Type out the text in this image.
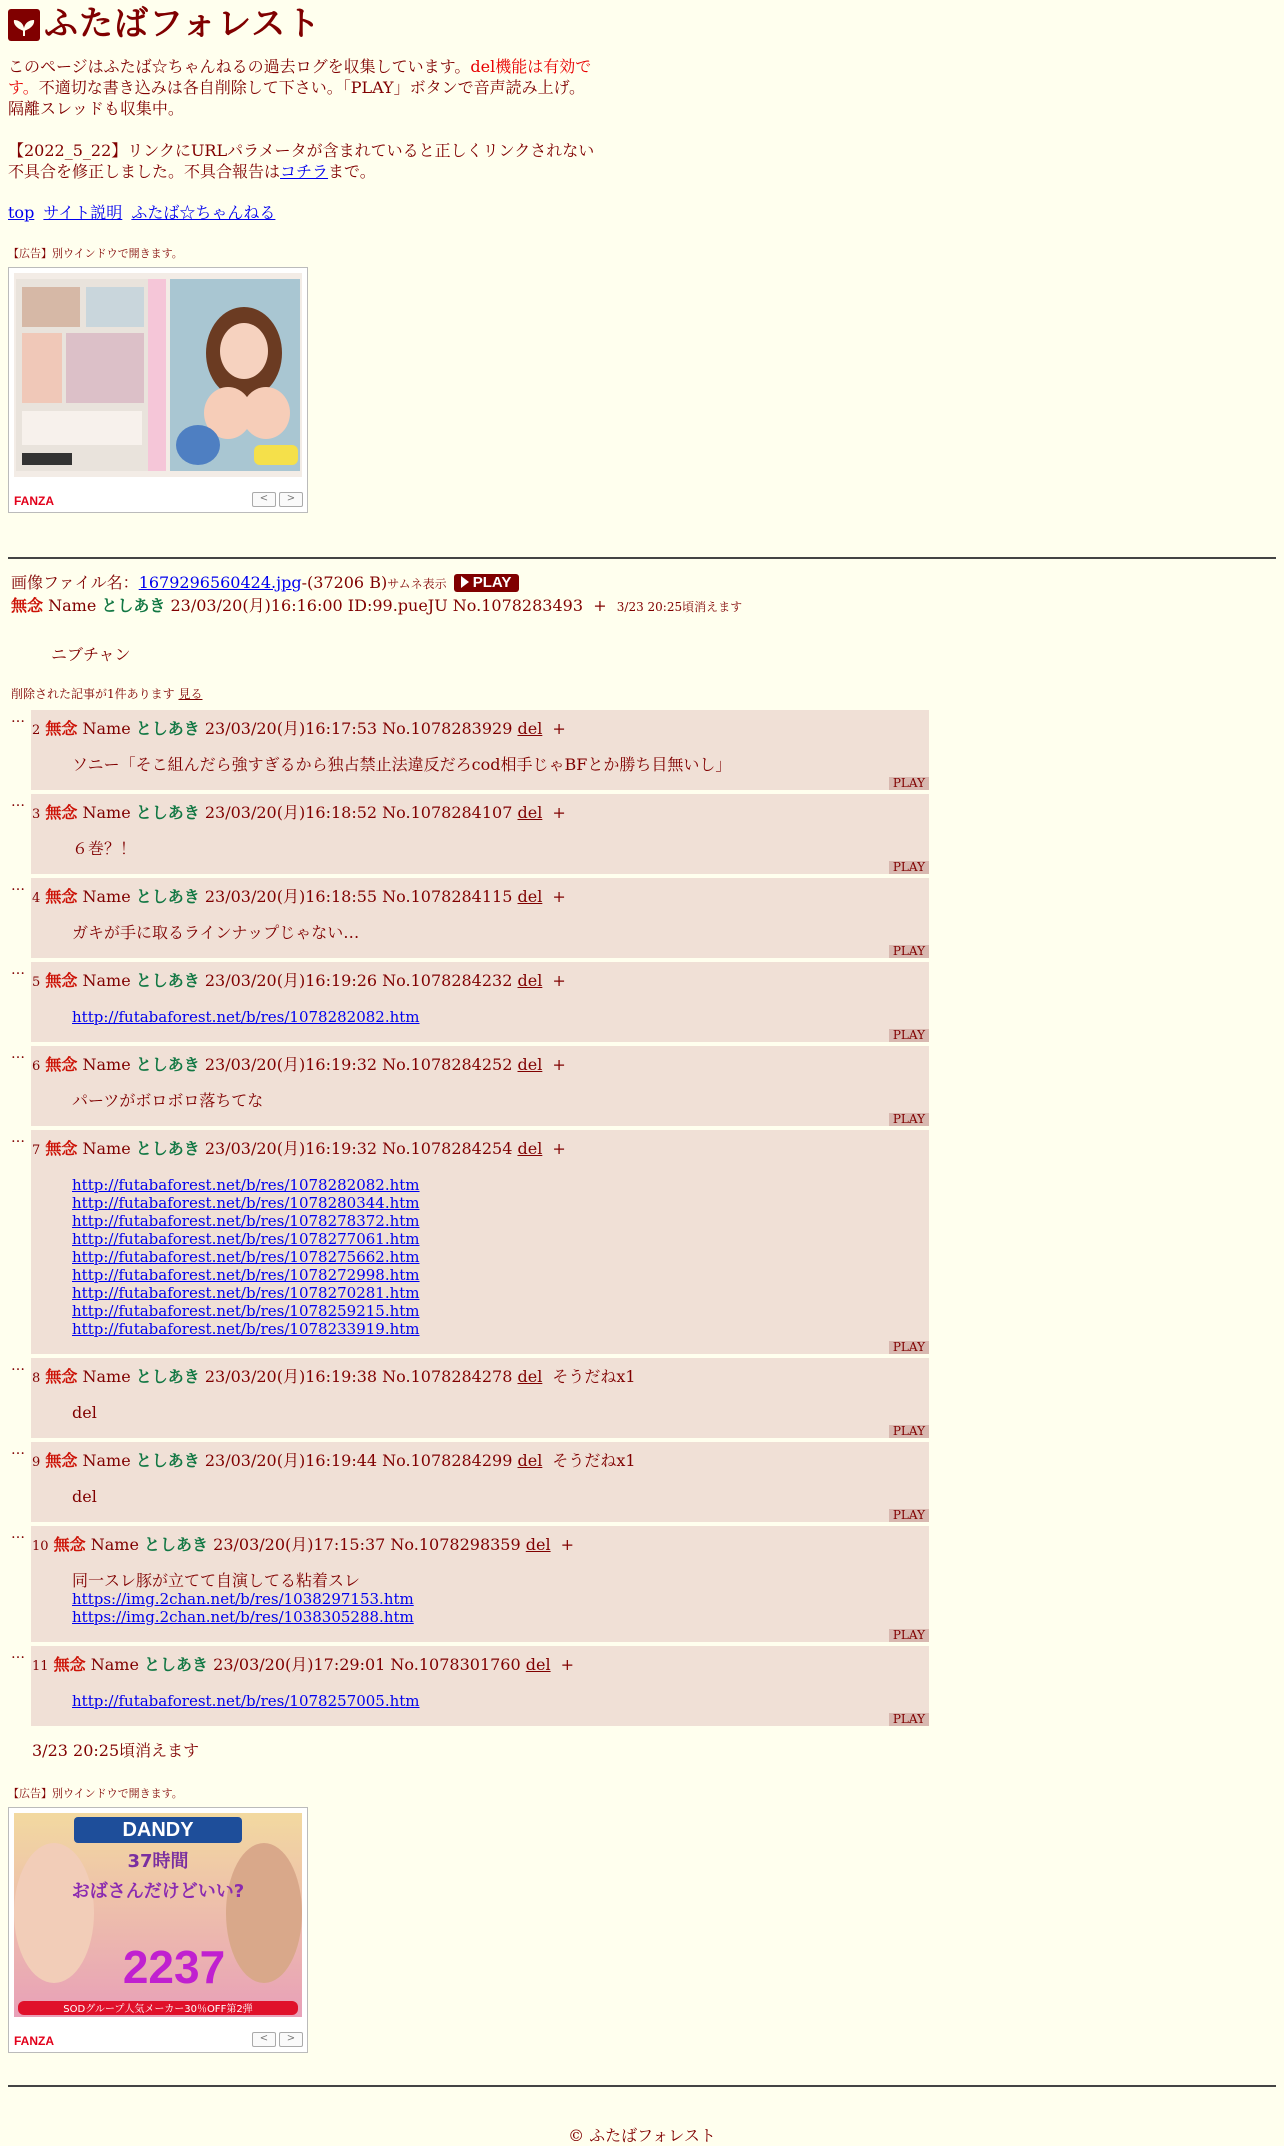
ふたばフォレスト
このページはふたば☆ちゃんねるの過去ログを収集しています。del機能は有効です。不適切な書き込みは各自削除して下さい。「PLAY」ボタンで音声読み上げ。隔離スレッドも収集中。
【2022_5_22】リンクにURLパラメータが含まれていると正しくリンクされない不具合を修正しました。不具合報告はコチラまで。
top サイト説明 ふたば☆ちゃんねる
【広告】別ウインドウで開きます。
FANZA	< >
画像ファイル名：1679296560424.jpg-(37206 B)サムネ表示 PLAY
無念 Name としあき 23/03/20(月)16:16:00 ID:99.pueJU No.1078283493 + 3/23 20:25頃消えます
ニブチャン
削除された記事が1件あります 見る
…
2 無念 Name としあき 23/03/20(月)16:17:53 No.1078283929 del +
ソニー「そこ組んだら強すぎるから独占禁止法違反だろcod相手じゃBFとか勝ち目無いし」
PLAY
…
3 無念 Name としあき 23/03/20(月)16:18:52 No.1078284107 del +
６巻？！
PLAY
…
4 無念 Name としあき 23/03/20(月)16:18:55 No.1078284115 del +
ガキが手に取るラインナップじゃない…
PLAY
…
5 無念 Name としあき 23/03/20(月)16:19:26 No.1078284232 del +
http://futabaforest.net/b/res/1078282082.htm
PLAY
…
6 無念 Name としあき 23/03/20(月)16:19:32 No.1078284252 del +
パーツがボロボロ落ちてな
PLAY
…
7 無念 Name としあき 23/03/20(月)16:19:32 No.1078284254 del +
http://futabaforest.net/b/res/1078282082.htm
http://futabaforest.net/b/res/1078280344.htm
http://futabaforest.net/b/res/1078278372.htm
http://futabaforest.net/b/res/1078277061.htm
http://futabaforest.net/b/res/1078275662.htm
http://futabaforest.net/b/res/1078272998.htm
http://futabaforest.net/b/res/1078270281.htm
http://futabaforest.net/b/res/1078259215.htm
http://futabaforest.net/b/res/1078233919.htm
PLAY
…
8 無念 Name としあき 23/03/20(月)16:19:38 No.1078284278 del そうだねx1
del
PLAY
…
9 無念 Name としあき 23/03/20(月)16:19:44 No.1078284299 del そうだねx1
del
PLAY
…
10 無念 Name としあき 23/03/20(月)17:15:37 No.1078298359 del +
同一スレ豚が立てて自演してる粘着スレ
https://img.2chan.net/b/res/1038297153.htm
https://img.2chan.net/b/res/1038305288.htm
PLAY
…
11 無念 Name としあき 23/03/20(月)17:29:01 No.1078301760 del +
http://futabaforest.net/b/res/1078257005.htm
PLAY
3/23 20:25頃消えます
【広告】別ウインドウで開きます。
DANDY
37時間
おばさんだけどいい?
2237
SODグループ人気メーカー30％OFF第2弾
FANZA	< >
© ふたばフォレスト
